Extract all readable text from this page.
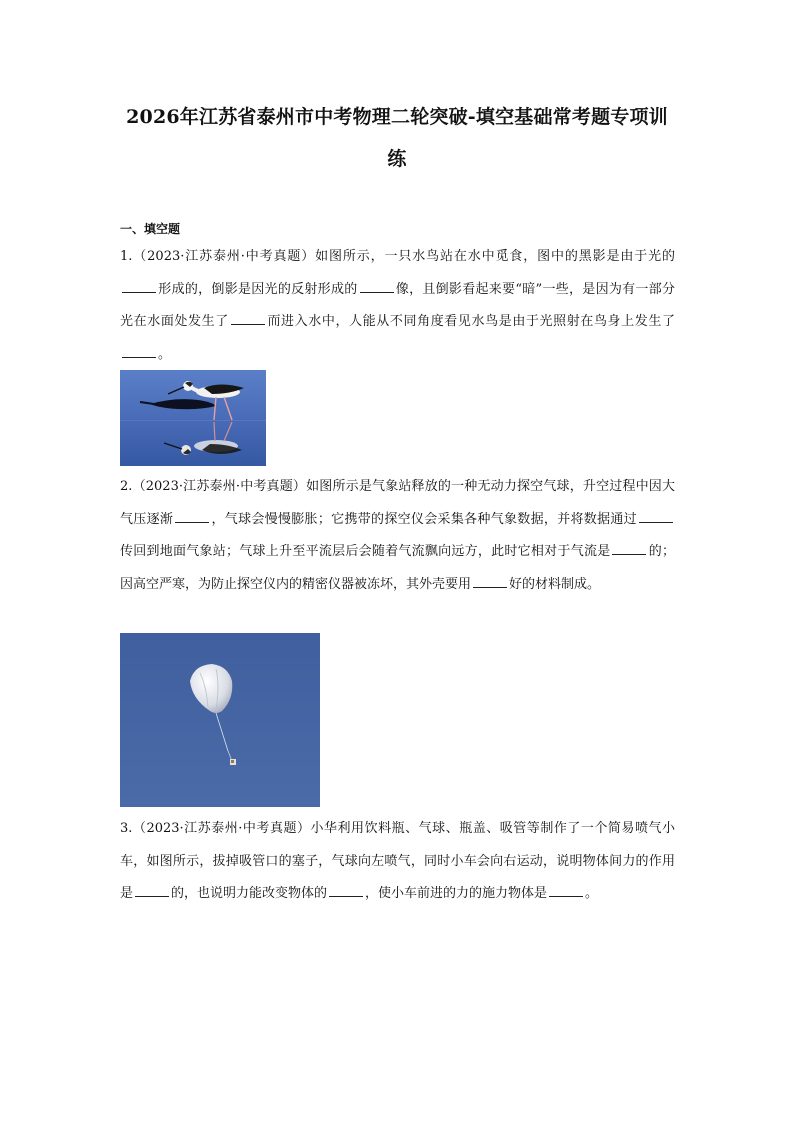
2026年江苏省泰州市中考物理二轮突破-填空基础常考题专项训
练
一、填空题
1.（2023·江苏泰州·中考真题）如图所示，一只水鸟站在水中觅食，图中的黑影是由于光的形成的，倒影是因光的反射形成的	像，且倒影看起来要“暗”一些，是因为有一部分光在水面处发生了	而进入水中，人能从不同角度看见水鸟是由于光照射在鸟身上发生了。
2.（2023·江苏泰州·中考真题）如图所示是气象站释放的一种无动力探空气球，升空过程中因大气压逐渐	，气球会慢慢膨胀；它携带的探空仪会采集各种气象数据，并将数据通过传回到地面气象站；气球上升至平流层后会随着气流飘向远方，此时它相对于气流是	的；因高空严寒，为防止探空仪内的精密仪器被冻坏，其外壳要用	好的材料制成。
3.（2023·江苏泰州·中考真题）小华利用饮料瓶、气球、瓶盖、吸管等制作了一个简易喷气小车，如图所示，拔掉吸管口的塞子，气球向左喷气，同时小车会向右运动，说明物体间力的作用是	的，也说明力能改变物体的	，使小车前进的力的施力物体是	。
